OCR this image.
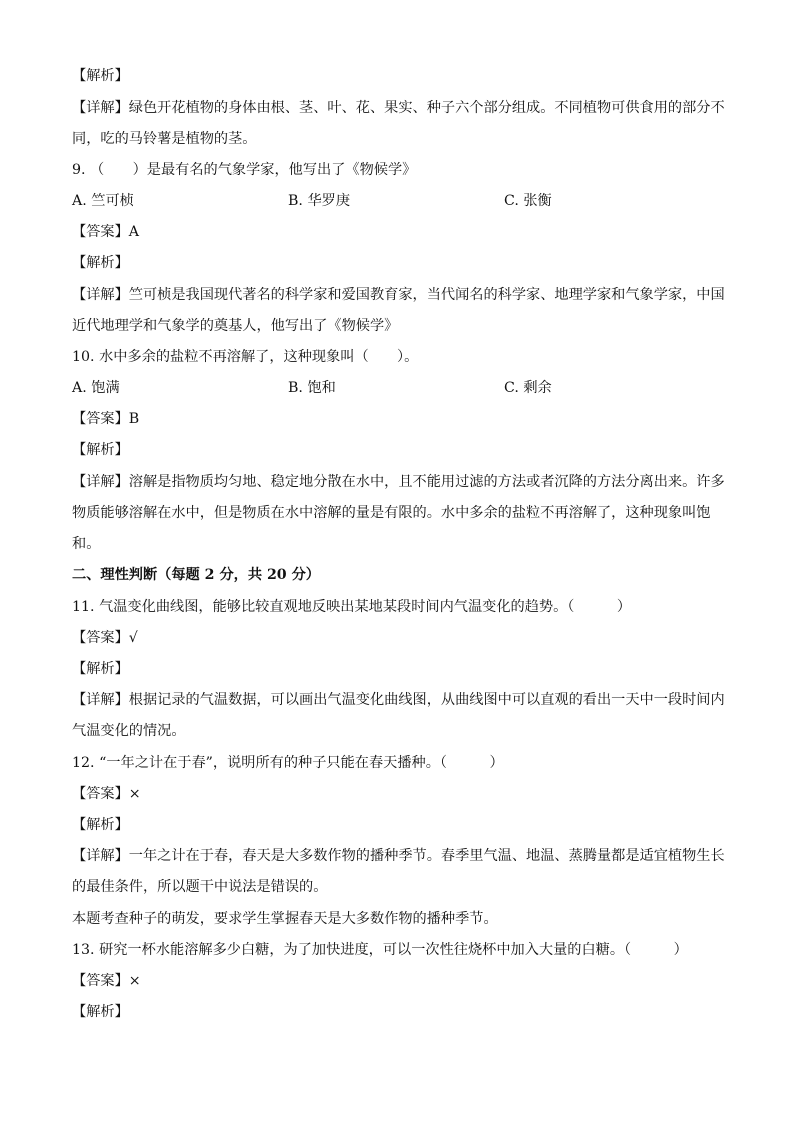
【解析】
【详解】绿色开花植物的身体由根、茎、叶、花、果实、种子六个部分组成。不同植物可供食用的部分不
同，吃的马铃薯是植物的茎。
9. （　　）是最有名的气象学家，他写出了《物候学》
A. 竺可桢	B. 华罗庚	C. 张衡
【答案】A
【解析】
【详解】竺可桢是我国现代著名的科学家和爱国教育家，当代闻名的科学家、地理学家和气象学家，中国
近代地理学和气象学的奠基人，他写出了《物候学》
10. 水中多余的盐粒不再溶解了，这种现象叫（　　）。
A. 饱满	B. 饱和	C. 剩余
【答案】B
【解析】
【详解】溶解是指物质均匀地、稳定地分散在水中，且不能用过滤的方法或者沉降的方法分离出来。许多
物质能够溶解在水中，但是物质在水中溶解的量是有限的。水中多余的盐粒不再溶解了，这种现象叫饱
和。
二、理性判断（每题 2 分，共 20 分）
11. 气温变化曲线图，能够比较直观地反映出某地某段时间内气温变化的趋势。（　　　）
【答案】√
【解析】
【详解】根据记录的气温数据，可以画出气温变化曲线图，从曲线图中可以直观的看出一天中一段时间内
气温变化的情况。
12. “一年之计在于春”，说明所有的种子只能在春天播种。（　　　）
【答案】×
【解析】
【详解】一年之计在于春，春天是大多数作物的播种季节。春季里气温、地温、蒸腾量都是适宜植物生长
的最佳条件，所以题干中说法是错误的。
本题考查种子的萌发，要求学生掌握春天是大多数作物的播种季节。
13. 研究一杯水能溶解多少白糖，为了加快进度，可以一次性往烧杯中加入大量的白糖。（　　　）
【答案】×
【解析】
